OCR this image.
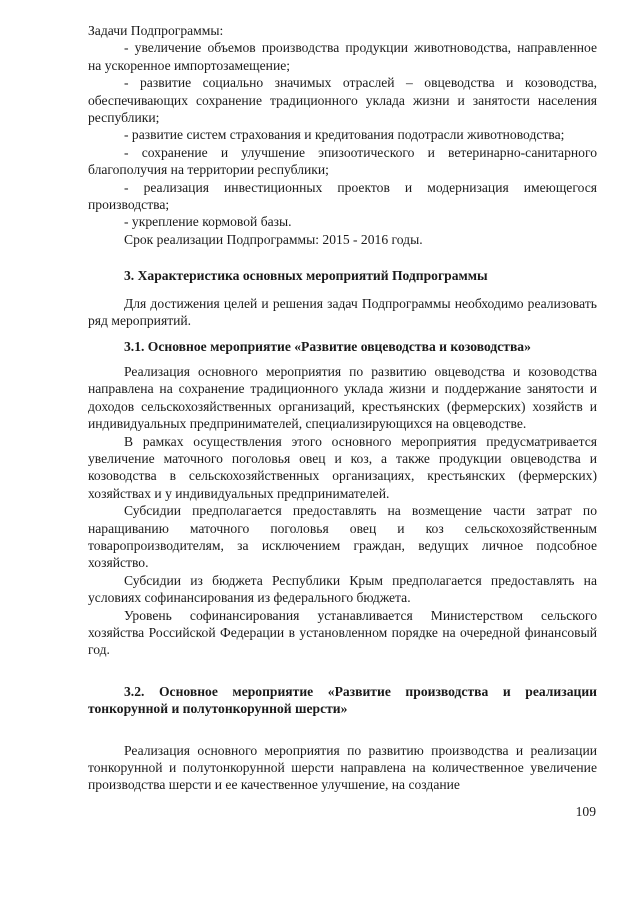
Задачи Подпрограммы:

- увеличение объемов производства продукции животноводства, направленное на ускоренное импортозамещение;

- развитие социально значимых отраслей – овцеводства и козоводства, обеспечивающих сохранение традиционного уклада жизни и занятости населения республики;

- развитие систем страхования и кредитования подотрасли животноводства;

- сохранение и улучшение эпизоотического и ветеринарно-санитарного благополучия на территории республики;

- реализация инвестиционных проектов и модернизация имеющегося производства;

- укрепление кормовой базы.

Срок реализации Подпрограммы: 2015 - 2016 годы.

3. Характеристика основных мероприятий Подпрограммы

Для достижения целей и решения задач Подпрограммы необходимо реализовать ряд мероприятий.

3.1. Основное мероприятие «Развитие овцеводства и козоводства»

Реализация основного мероприятия по развитию овцеводства и козоводства направлена на сохранение традиционного уклада жизни и поддержание занятости и доходов сельскохозяйственных организаций, крестьянских (фермерских) хозяйств и индивидуальных предпринимателей, специализирующихся на овцеводстве.

В рамках осуществления этого основного мероприятия предусматривается увеличение маточного поголовья овец и коз, а также продукции овцеводства и козоводства в сельскохозяйственных организациях, крестьянских (фермерских) хозяйствах и у индивидуальных предпринимателей.

Субсидии предполагается предоставлять на возмещение части затрат по наращиванию маточного поголовья овец и коз сельскохозяйственным товаропроизводителям, за исключением граждан, ведущих личное подсобное хозяйство.

Субсидии из бюджета Республики Крым предполагается предоставлять на условиях софинансирования из федерального бюджета.

Уровень софинансирования устанавливается Министерством сельского хозяйства Российской Федерации в установленном порядке на очередной финансовый год.

3.2. Основное мероприятие «Развитие производства и реализации тонкорунной и полутонкорунной шерсти»

Реализация основного мероприятия по развитию производства и реализации тонкорунной и полутонкорунной шерсти направлена на количественное увеличение производства шерсти и ее качественное улучшение, на создание

109
